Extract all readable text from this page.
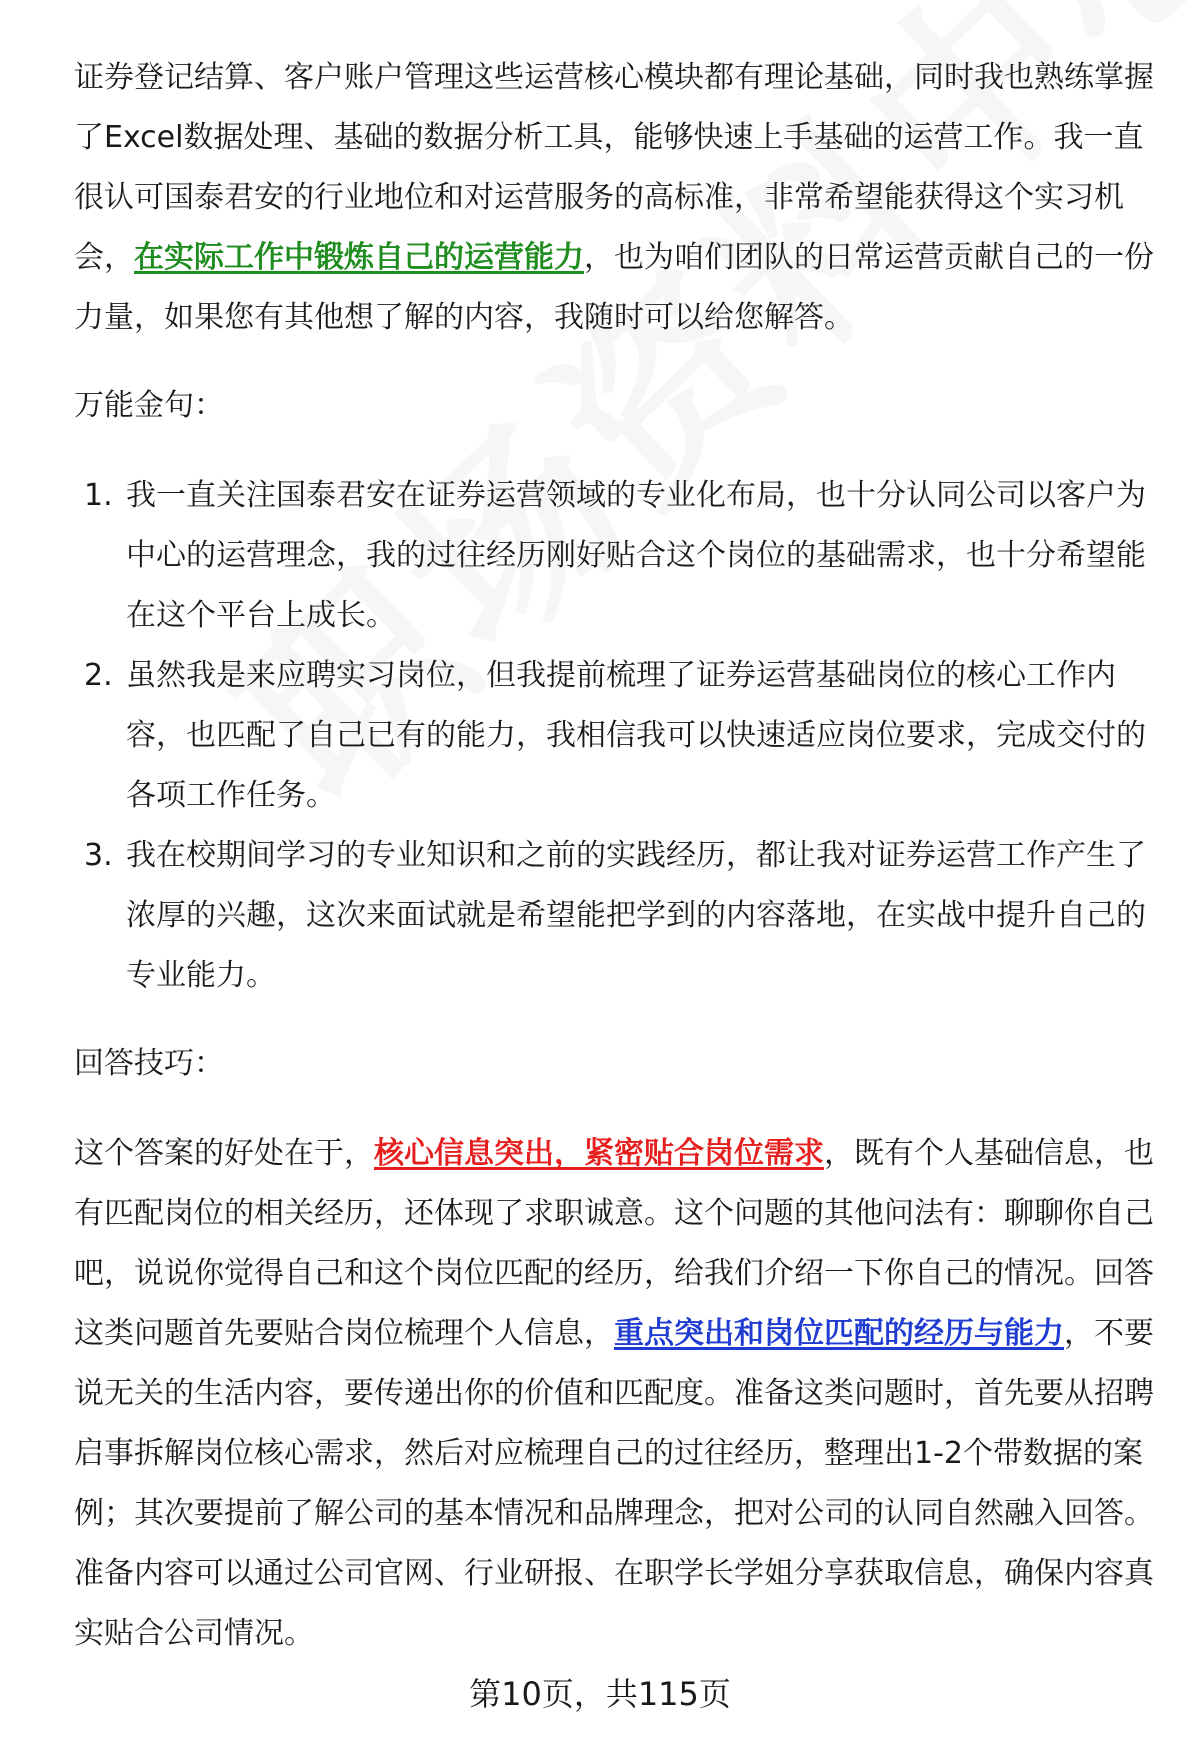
证券登记结算、客户账户管理这些运营核心模块都有理论基础，同时我也熟练掌握了Excel数据处理、基础的数据分析工具，能够快速上手基础的运营工作。我一直很认可国泰君安的行业地位和对运营服务的高标准，非常希望能获得这个实习机会，在实际工作中锻炼自己的运营能力，也为咱们团队的日常运营贡献自己的一份力量，如果您有其他想了解的内容，我随时可以给您解答。

万能金句：

1. 我一直关注国泰君安在证券运营领域的专业化布局，也十分认同公司以客户为中心的运营理念，我的过往经历刚好贴合这个岗位的基础需求，也十分希望能在这个平台上成长。
2. 虽然我是来应聘实习岗位，但我提前梳理了证券运营基础岗位的核心工作内容，也匹配了自己已有的能力，我相信我可以快速适应岗位要求，完成交付的各项工作任务。
3. 我在校期间学习的专业知识和之前的实践经历，都让我对证券运营工作产生了浓厚的兴趣，这次来面试就是希望能把学到的内容落地，在实战中提升自己的专业能力。

回答技巧：

这个答案的好处在于，核心信息突出，紧密贴合岗位需求，既有个人基础信息，也有匹配岗位的相关经历，还体现了求职诚意。这个问题的其他问法有：聊聊你自己吧，说说你觉得自己和这个岗位匹配的经历，给我们介绍一下你自己的情况。回答这类问题首先要贴合岗位梳理个人信息，重点突出和岗位匹配的经历与能力，不要说无关的生活内容，要传递出你的价值和匹配度。准备这类问题时，首先要从招聘启事拆解岗位核心需求，然后对应梳理自己的过往经历，整理出1-2个带数据的案例；其次要提前了解公司的基本情况和品牌理念，把对公司的认同自然融入回答。准备内容可以通过公司官网、行业研报、在职学长学姐分享获取信息，确保内容真实贴合公司情况。

第10页，共115页
